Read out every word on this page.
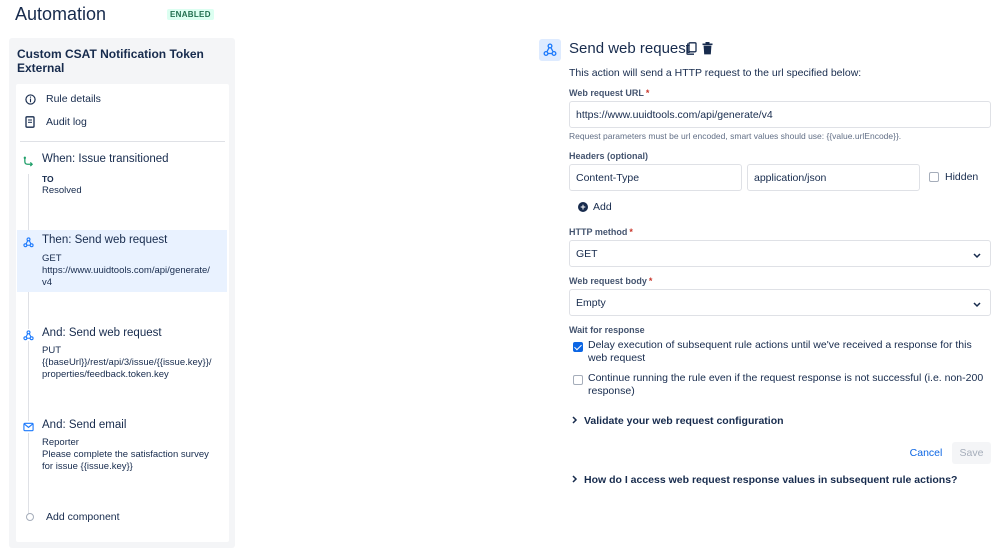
Automation	ENABLED
Custom CSAT Notification Token External
Rule details
Audit log
When: Issue transitioned
TO
Resolved
Then: Send web request
GET
https://www.uuidtools.com/api/generate/
v4
And: Send web request
PUT
{{baseUrl}}/rest/api/3/issue/{{issue.key}}/
properties/feedback.token.key
And: Send email
Reporter
Please complete the satisfaction survey
for issue {{issue.key}}
Add component
Send web request
This action will send a HTTP request to the url specified below:
Web request URL *
https://www.uuidtools.com/api/generate/v4
Request parameters must be url encoded, smart values should use: {{value.urlEncode}}.
Headers (optional)
Content-Type	application/json	Hidden
+ Add
HTTP method *
GET
Web request body *
Empty
Wait for response
Delay execution of subsequent rule actions until we've received a response for this web request
Continue running the rule even if the request response is not successful (i.e. non-200 response)
Validate your web request configuration
Cancel	Save
How do I access web request response values in subsequent rule actions?
